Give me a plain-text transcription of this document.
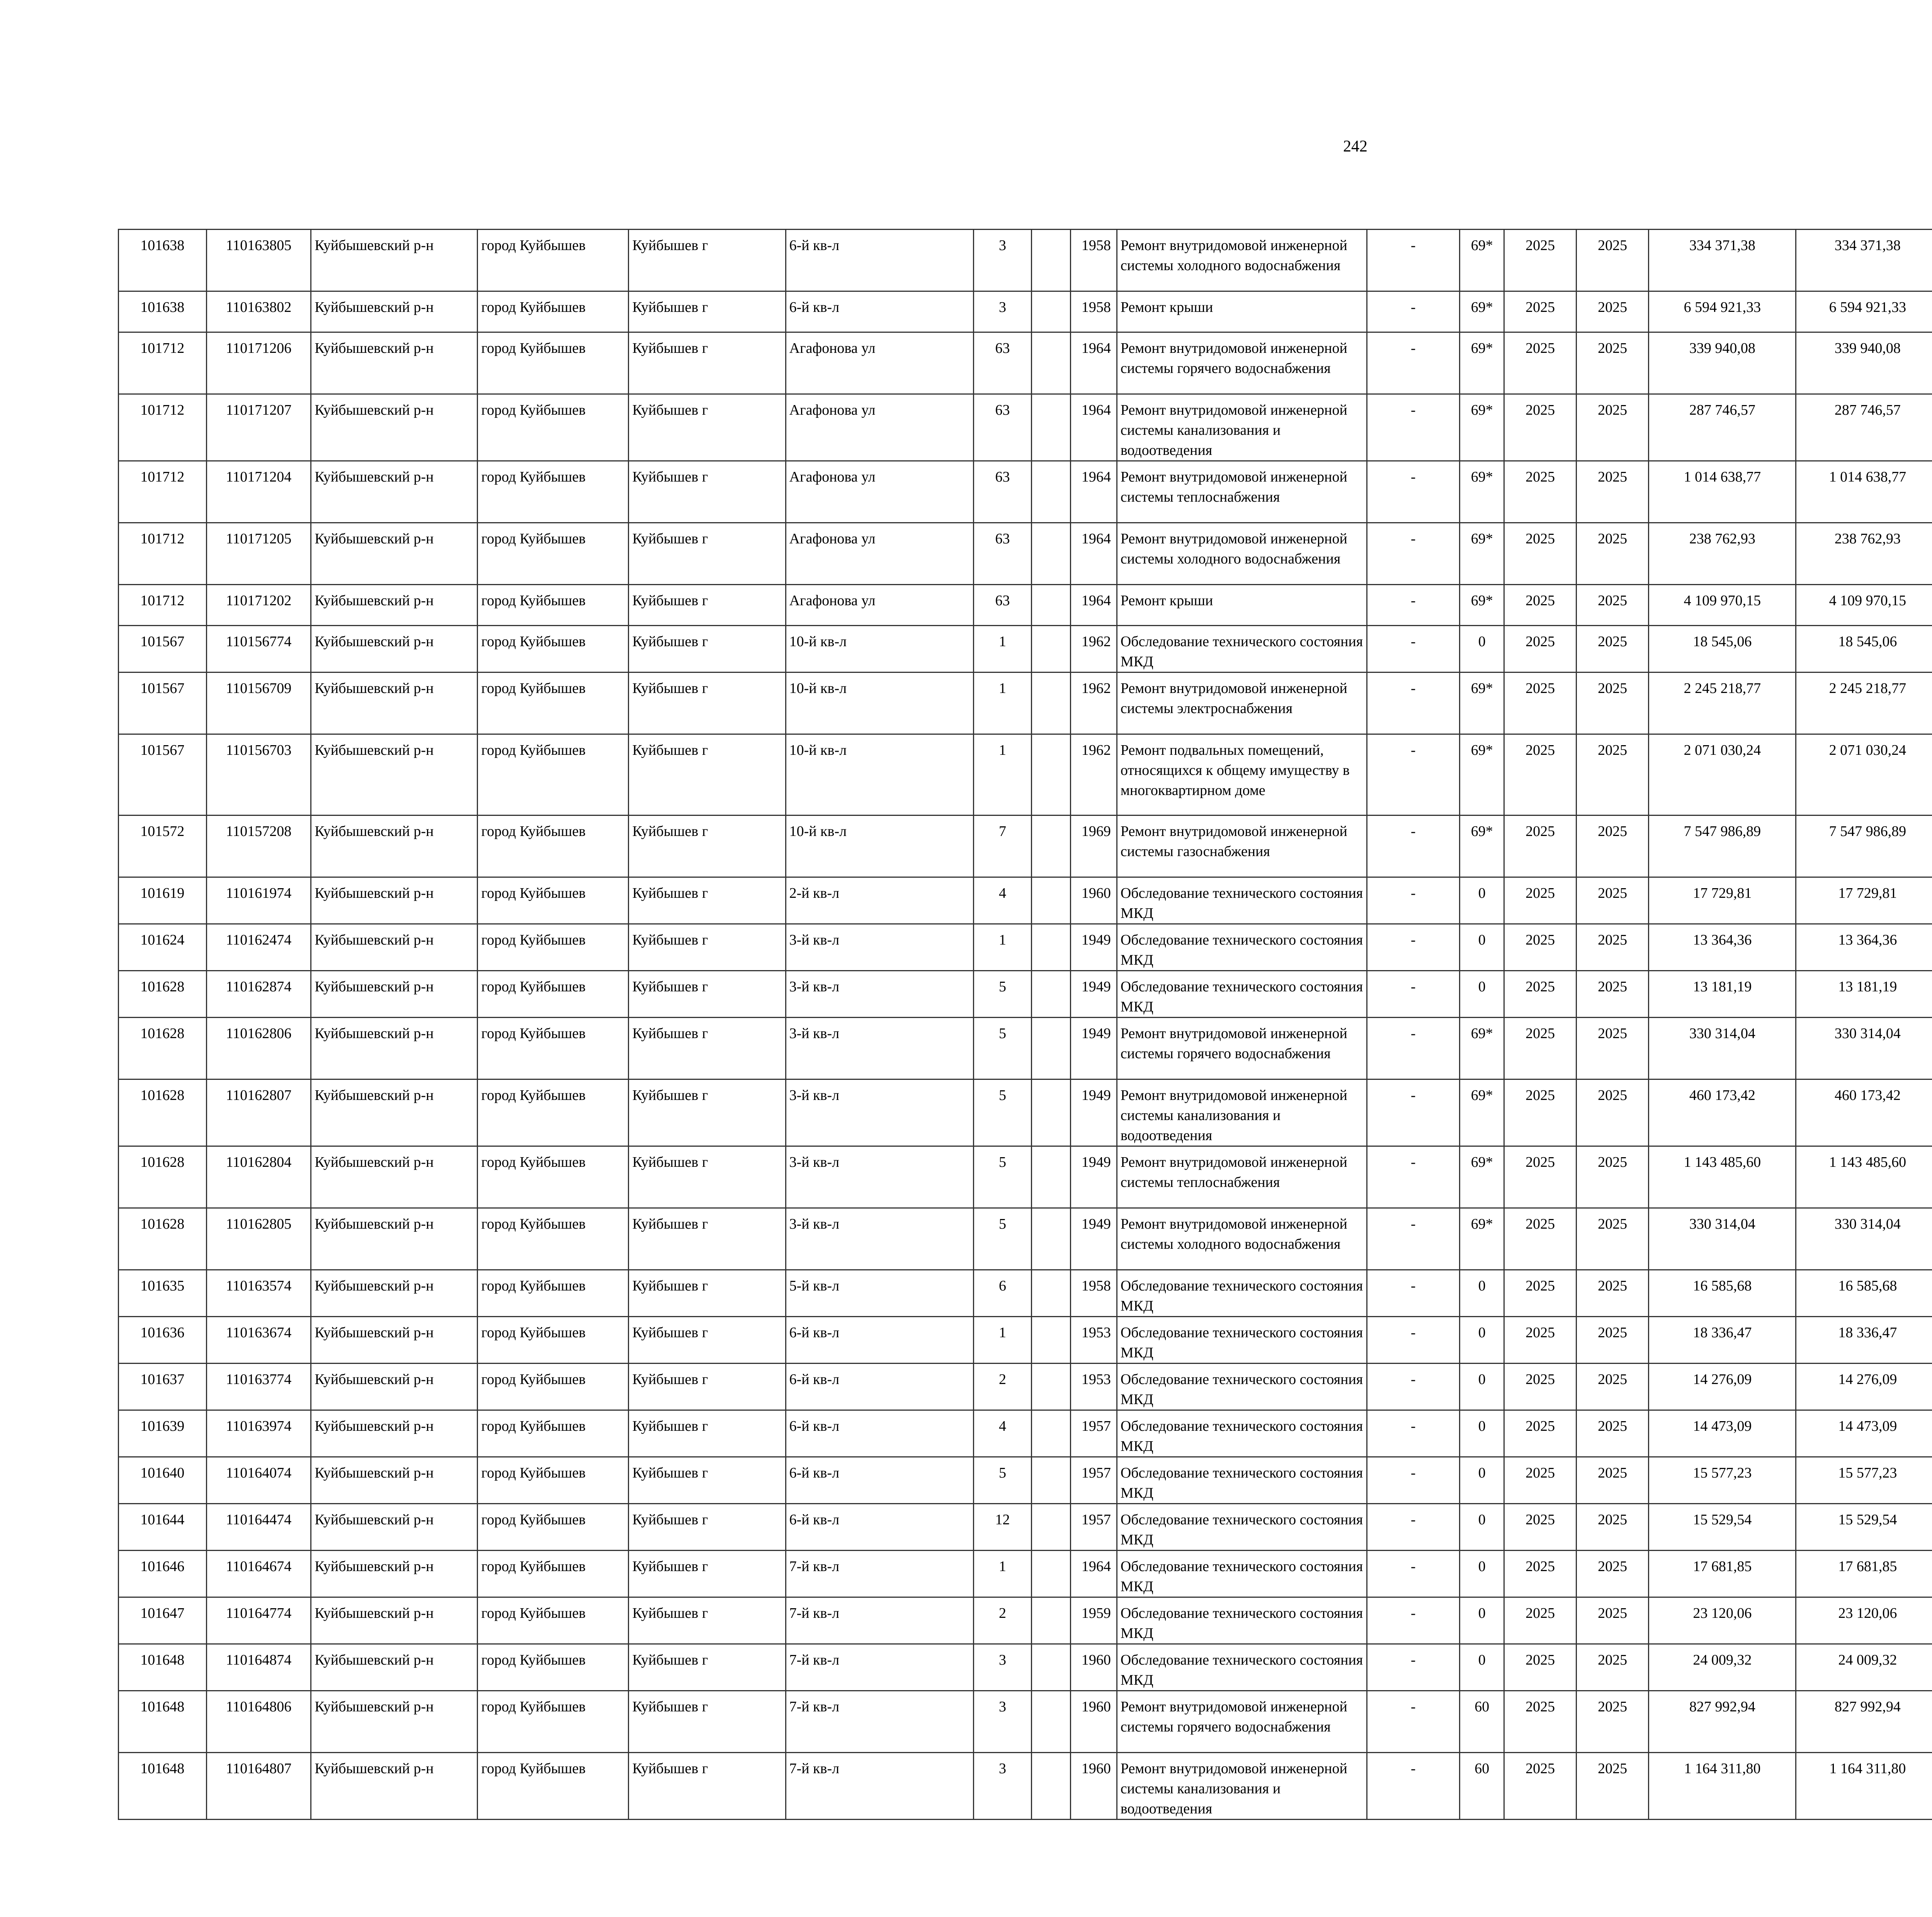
242
101638	110163805	Куйбышевский р-н	город Куйбышев	Куйбышев г	6-й кв-л	3		1958	Ремонт внутридомовой инженерной системы холодного водоснабжения	-	69*	2025	2025	334 371,38	334 371,38						
101638	110163802	Куйбышевский р-н	город Куйбышев	Куйбышев г	6-й кв-л	3		1958	Ремонт крыши	-	69*	2025	2025	6 594 921,33	6 594 921,33						
101712	110171206	Куйбышевский р-н	город Куйбышев	Куйбышев г	Агафонова ул	63		1964	Ремонт внутридомовой инженерной системы горячего водоснабжения	-	69*	2025	2025	339 940,08	339 940,08						
101712	110171207	Куйбышевский р-н	город Куйбышев	Куйбышев г	Агафонова ул	63		1964	Ремонт внутридомовой инженерной системы канализования и водоотведения	-	69*	2025	2025	287 746,57	287 746,57						
101712	110171204	Куйбышевский р-н	город Куйбышев	Куйбышев г	Агафонова ул	63		1964	Ремонт внутридомовой инженерной системы теплоснабжения	-	69*	2025	2025	1 014 638,77	1 014 638,77						
101712	110171205	Куйбышевский р-н	город Куйбышев	Куйбышев г	Агафонова ул	63		1964	Ремонт внутридомовой инженерной системы холодного водоснабжения	-	69*	2025	2025	238 762,93	238 762,93						
101712	110171202	Куйбышевский р-н	город Куйбышев	Куйбышев г	Агафонова ул	63		1964	Ремонт крыши	-	69*	2025	2025	4 109 970,15	4 109 970,15						
101567	110156774	Куйбышевский р-н	город Куйбышев	Куйбышев г	10-й кв-л	1		1962	Обследование технического состояния МКД	-	0	2025	2025	18 545,06	18 545,06						
101567	110156709	Куйбышевский р-н	город Куйбышев	Куйбышев г	10-й кв-л	1		1962	Ремонт внутридомовой инженерной системы электроснабжения	-	69*	2025	2025	2 245 218,77	2 245 218,77						
101567	110156703	Куйбышевский р-н	город Куйбышев	Куйбышев г	10-й кв-л	1		1962	Ремонт подвальных помещений, относящихся к общему имуществу в многоквартирном доме	-	69*	2025	2025	2 071 030,24	2 071 030,24						
101572	110157208	Куйбышевский р-н	город Куйбышев	Куйбышев г	10-й кв-л	7		1969	Ремонт внутридомовой инженерной системы газоснабжения	-	69*	2025	2025	7 547 986,89	7 547 986,89						
101619	110161974	Куйбышевский р-н	город Куйбышев	Куйбышев г	2-й кв-л	4		1960	Обследование технического состояния МКД	-	0	2025	2025	17 729,81	17 729,81						
101624	110162474	Куйбышевский р-н	город Куйбышев	Куйбышев г	3-й кв-л	1		1949	Обследование технического состояния МКД	-	0	2025	2025	13 364,36	13 364,36						
101628	110162874	Куйбышевский р-н	город Куйбышев	Куйбышев г	3-й кв-л	5		1949	Обследование технического состояния МКД	-	0	2025	2025	13 181,19	13 181,19						
101628	110162806	Куйбышевский р-н	город Куйбышев	Куйбышев г	3-й кв-л	5		1949	Ремонт внутридомовой инженерной системы горячего водоснабжения	-	69*	2025	2025	330 314,04	330 314,04						
101628	110162807	Куйбышевский р-н	город Куйбышев	Куйбышев г	3-й кв-л	5		1949	Ремонт внутридомовой инженерной системы канализования и водоотведения	-	69*	2025	2025	460 173,42	460 173,42						
101628	110162804	Куйбышевский р-н	город Куйбышев	Куйбышев г	3-й кв-л	5		1949	Ремонт внутридомовой инженерной системы теплоснабжения	-	69*	2025	2025	1 143 485,60	1 143 485,60						
101628	110162805	Куйбышевский р-н	город Куйбышев	Куйбышев г	3-й кв-л	5		1949	Ремонт внутридомовой инженерной системы холодного водоснабжения	-	69*	2025	2025	330 314,04	330 314,04						
101635	110163574	Куйбышевский р-н	город Куйбышев	Куйбышев г	5-й кв-л	6		1958	Обследование технического состояния МКД	-	0	2025	2025	16 585,68	16 585,68						
101636	110163674	Куйбышевский р-н	город Куйбышев	Куйбышев г	6-й кв-л	1		1953	Обследование технического состояния МКД	-	0	2025	2025	18 336,47	18 336,47						
101637	110163774	Куйбышевский р-н	город Куйбышев	Куйбышев г	6-й кв-л	2		1953	Обследование технического состояния МКД	-	0	2025	2025	14 276,09	14 276,09						
101639	110163974	Куйбышевский р-н	город Куйбышев	Куйбышев г	6-й кв-л	4		1957	Обследование технического состояния МКД	-	0	2025	2025	14 473,09	14 473,09						
101640	110164074	Куйбышевский р-н	город Куйбышев	Куйбышев г	6-й кв-л	5		1957	Обследование технического состояния МКД	-	0	2025	2025	15 577,23	15 577,23						
101644	110164474	Куйбышевский р-н	город Куйбышев	Куйбышев г	6-й кв-л	12		1957	Обследование технического состояния МКД	-	0	2025	2025	15 529,54	15 529,54						
101646	110164674	Куйбышевский р-н	город Куйбышев	Куйбышев г	7-й кв-л	1		1964	Обследование технического состояния МКД	-	0	2025	2025	17 681,85	17 681,85						
101647	110164774	Куйбышевский р-н	город Куйбышев	Куйбышев г	7-й кв-л	2		1959	Обследование технического состояния МКД	-	0	2025	2025	23 120,06	23 120,06						
101648	110164874	Куйбышевский р-н	город Куйбышев	Куйбышев г	7-й кв-л	3		1960	Обследование технического состояния МКД	-	0	2025	2025	24 009,32	24 009,32						
101648	110164806	Куйбышевский р-н	город Куйбышев	Куйбышев г	7-й кв-л	3		1960	Ремонт внутридомовой инженерной системы горячего водоснабжения	-	60	2025	2025	827 992,94	827 992,94						
101648	110164807	Куйбышевский р-н	город Куйбышев	Куйбышев г	7-й кв-л	3		1960	Ремонт внутридомовой инженерной системы канализования и водоотведения	-	60	2025	2025	1 164 311,80	1 164 311,80						
